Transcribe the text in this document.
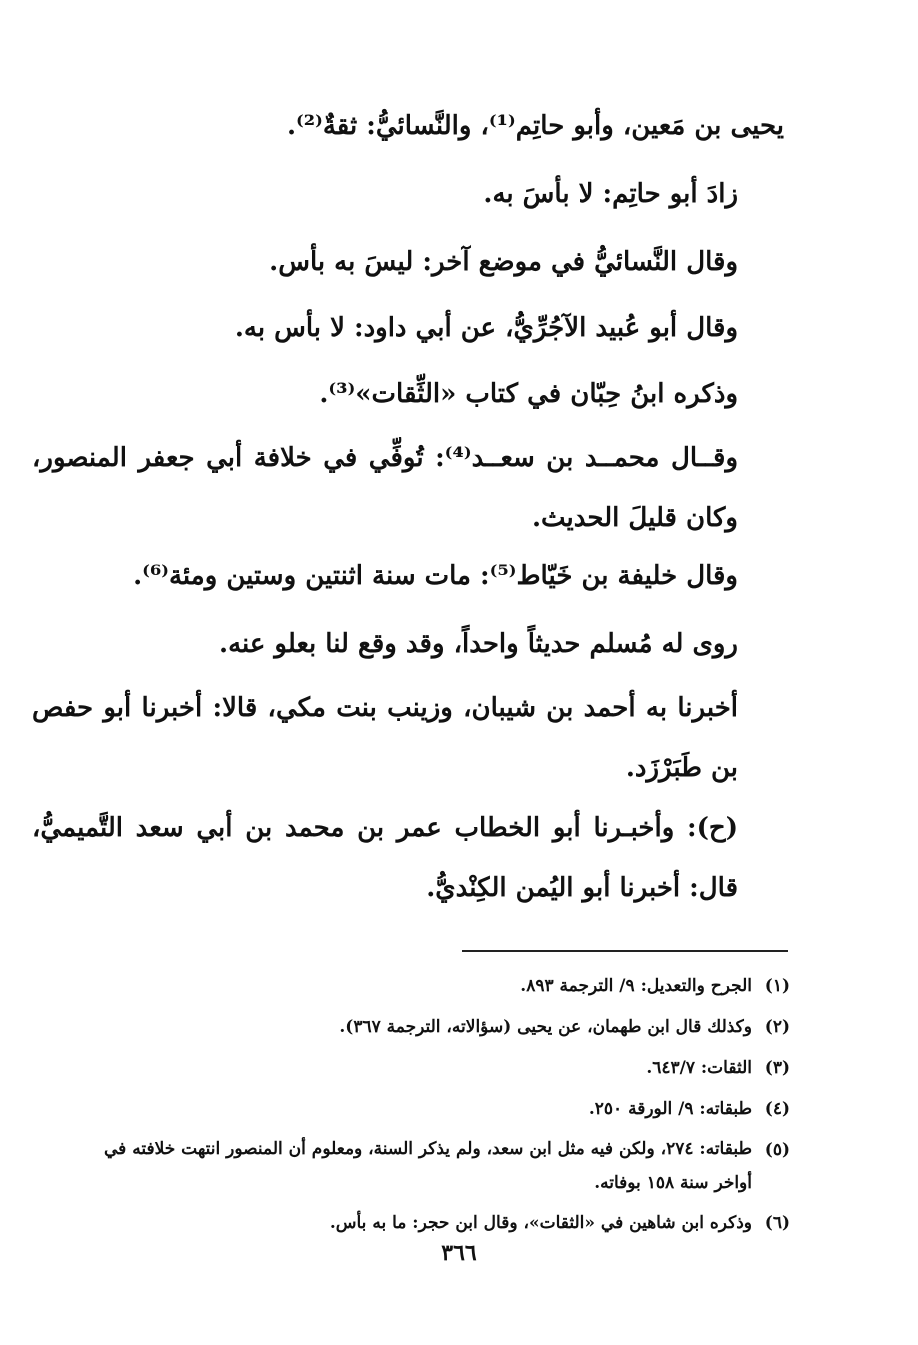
يحيى بن مَعين، وأبو حاتِم⁽¹⁾، والنَّسائيُّ: ثقةٌ⁽²⁾.

زادَ أبو حاتِم: لا بأسَ به.

وقال النَّسائيُّ في موضع آخر: ليسَ به بأس.

وقال أبو عُبيد الآجُرِّيُّ، عن أبي داود: لا بأس به.

وذكره ابنُ حِبّان في كتاب «الثِّقات»⁽³⁾.

وقــال محمــد بن سعــد⁽⁴⁾: تُوفِّي في خلافة أبي جعفر المنصور، وكان قليلَ الحديث.

وقال خليفة بن خَيّاط⁽⁵⁾: مات سنة اثنتين وستين ومئة⁽⁶⁾.

روى له مُسلم حديثاً واحداً، وقد وقع لنا بعلو عنه.

أخبرنا به أحمد بن شيبان، وزينب بنت مكي، قالا: أخبرنا أبو حفص بن طَبَرْزَد.

(ح): وأخبـرنا أبو الخطاب عمر بن محمد بن أبي سعد التَّميميُّ، قال: أخبرنا أبو اليُمن الكِنْديُّ.

(١)
الجرح والتعديل: ٩/ الترجمة ٨٩٣.
(٢)
وكذلك قال ابن طهمان، عن يحيى (سؤالاته، الترجمة ٣٦٧).
(٣)
الثقات: ٦٤٣/٧.
(٤)
طبقاته: ٩/ الورقة ٢٥٠.
(٥)
طبقاته: ٢٧٤، ولكن فيه مثل ابن سعد، ولم يذكر السنة، ومعلوم أن المنصور انتهت خلافته في أواخر سنة ١٥٨ بوفاته.
(٦)
وذكره ابن شاهين في «الثقات»، وقال ابن حجر: ما به بأس.
٣٦٦
